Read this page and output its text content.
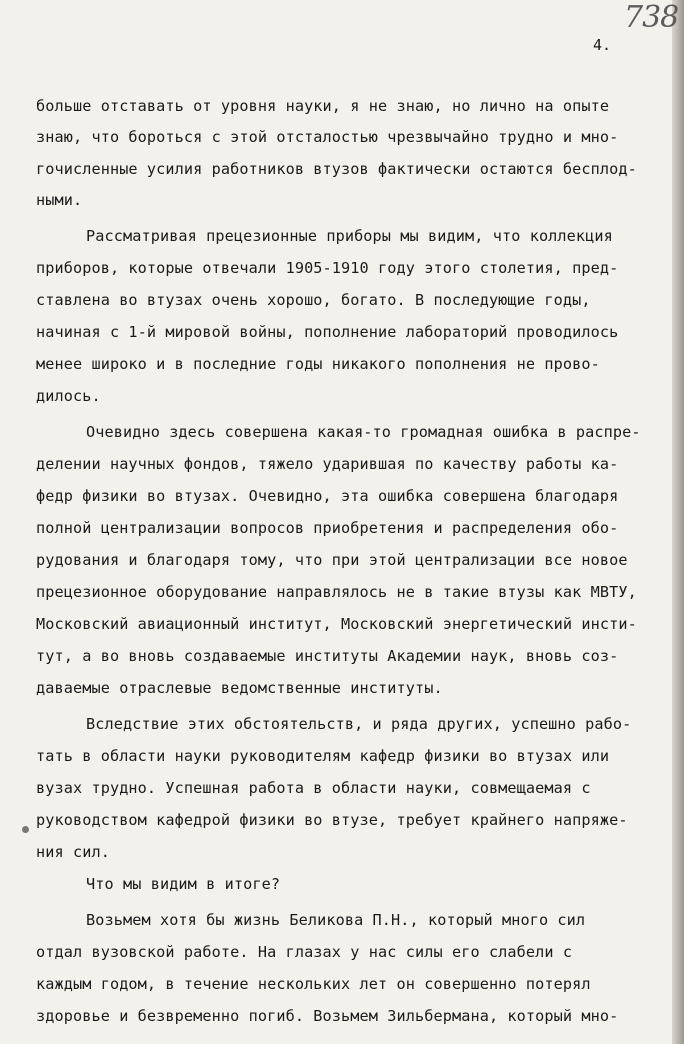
738
4.
больше отставать от уровня науки, я не знаю, но лично на опыте
знаю, что бороться с этой отсталостью чрезвычайно трудно и мно-
гочисленные усилия работников втузов фактически остаются бесплод-
ными.
Рассматривая прецезионные приборы мы видим, что коллекция
приборов, которые отвечали 1905-1910 году этого столетия, пред-
ставлена во втузах очень хорошо, богато. В последующие годы,
начиная с 1-й мировой войны, пополнение лабораторий проводилось
менее широко и в последние годы никакого пополнения не прово-
дилось.
Очевидно здесь совершена какая-то громадная ошибка в распре-
делении научных фондов, тяжело ударившая по качеству работы ка-
федр физики во втузах. Очевидно, эта ошибка совершена благодаря
полной централизации вопросов приобретения и распределения обо-
рудования и благодаря тому, что при этой централизации все новое
прецезионное оборудование направлялось не в такие втузы как МВТУ,
Московский авиационный институт, Московский энергетический инсти-
тут, а во вновь создаваемые институты Академии наук, вновь соз-
даваемые отраслевые ведомственные институты.
Вследствие этих обстоятельств, и ряда других, успешно рабо-
тать в области науки руководителям кафедр физики во втузах или
вузах трудно. Успешная работа в области науки, совмещаемая с
руководством кафедрой физики во втузе, требует крайнего напряже-
ния сил.
Что мы видим в итоге?
Возьмем хотя бы жизнь Беликова П.Н., который много сил
отдал вузовской работе. На глазах у нас силы его слабели с
каждым годом, в течение нескольких лет он совершенно потерял
здоровье и безвременно погиб. Возьмем Зильбермана, который мно-
